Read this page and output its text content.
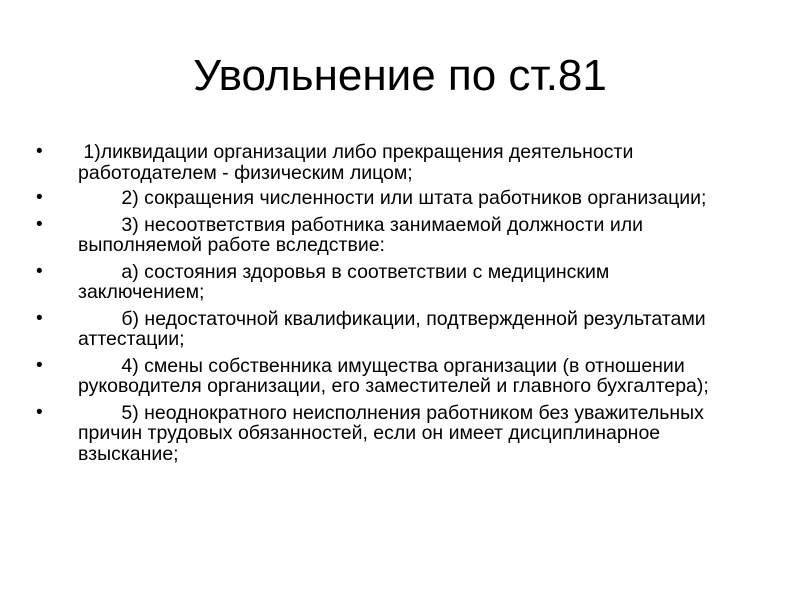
Увольнение по ст.81
• 1)ликвидации организации либо прекращения деятельности работодателем - физическим лицом;
• 2) сокращения численности или штата работников организации;
• 3) несоответствия работника занимаемой должности или выполняемой работе вследствие:
• а) состояния здоровья в соответствии с медицинским заключением;
• б) недостаточной квалификации, подтвержденной результатами аттестации;
• 4) смены собственника имущества организации (в отношении руководителя организации, его заместителей и главного бухгалтера);
• 5) неоднократного неисполнения работником без уважительных причин трудовых обязанностей, если он имеет дисциплинарное взыскание;
